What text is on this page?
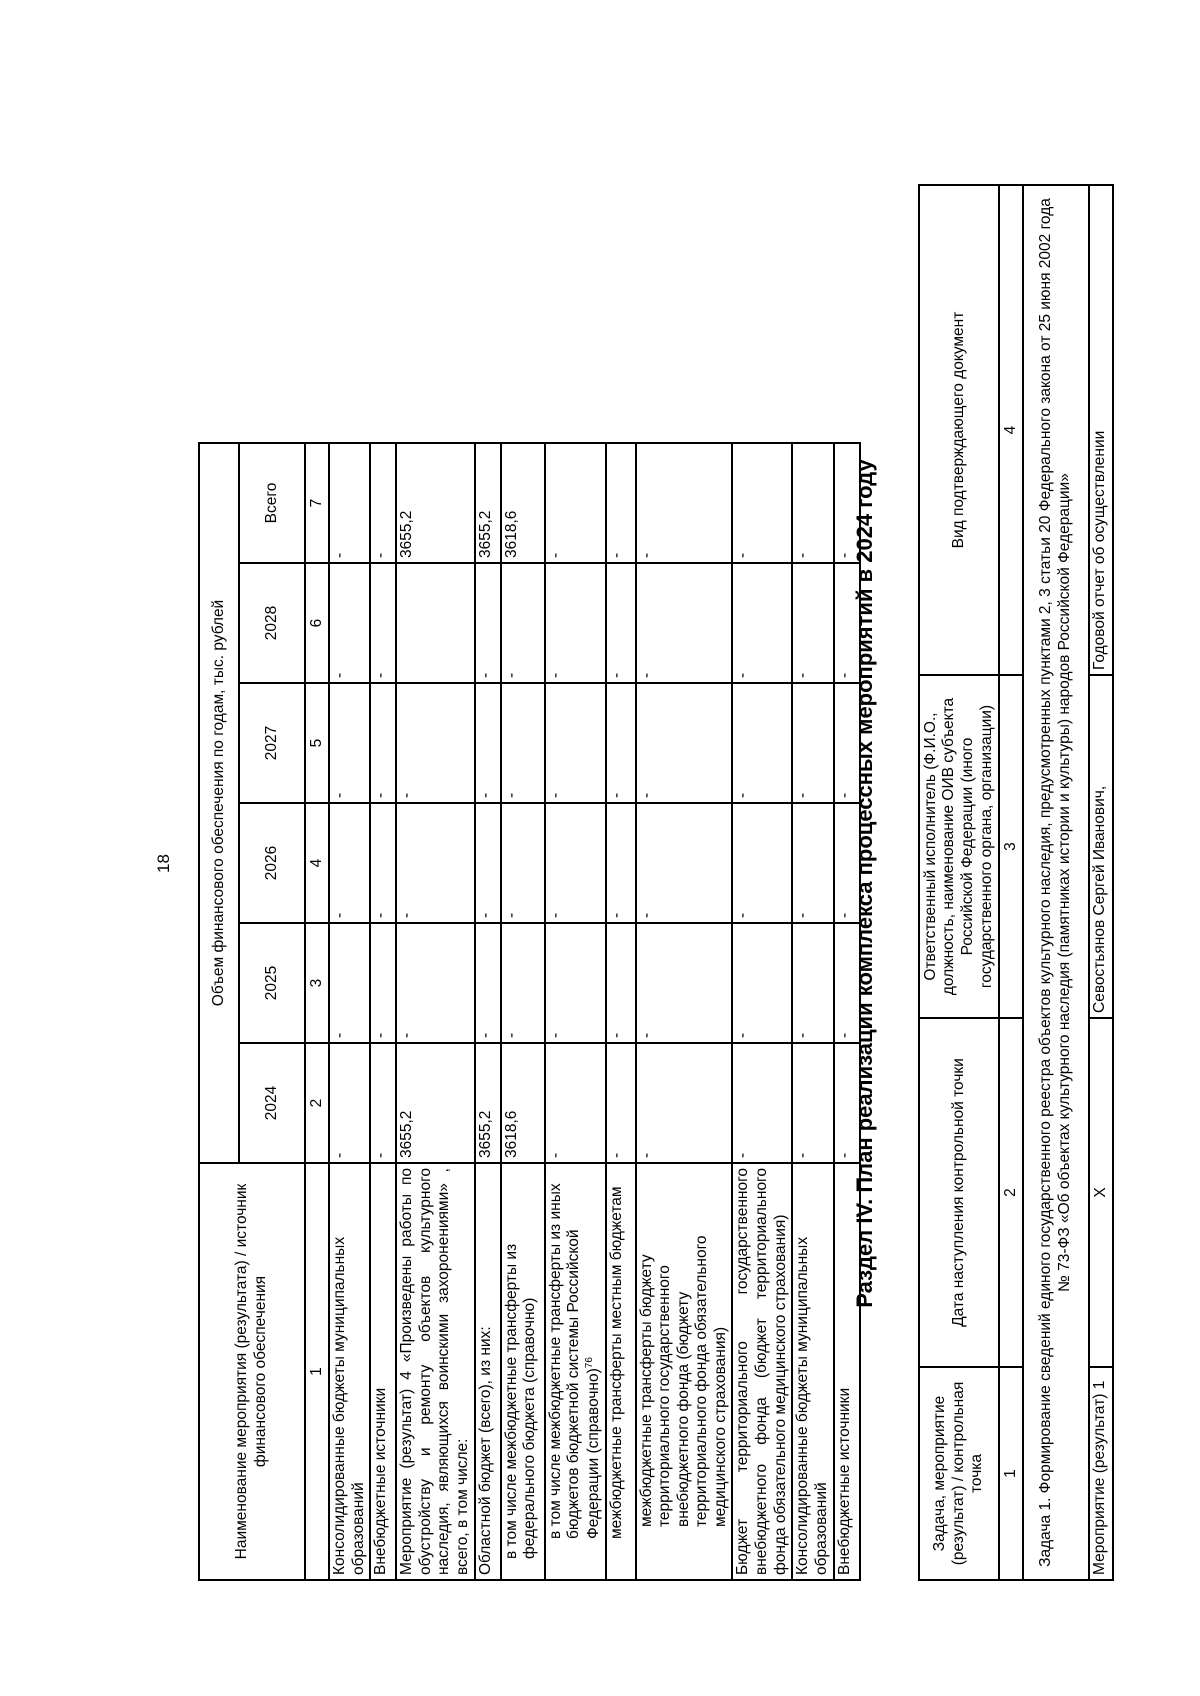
18
Наименование мероприятия (результата) / источник финансового обеспечения	Объем финансового обеспечения по годам, тыс. рублей					
	2024	2025	2026	2027	2028	Всего
1	2	3	4	5	6	7
Консолидированные бюджеты муниципальных образований	-	-	-	-	-	-
Внебюджетные источники	-	-	-	-	-	-
Мероприятие (результат) 4 «Произведены работы по обустройству и ремонту объектов культурного наследия, являющихся воинскими захоронениями» , всего, в том числе:	3655,2	-	-	-		3655,2
Областной бюджет (всего), из них:	3655,2	-	-	-	-	3655,2
в том числе межбюджетные трансферты из федерального бюджета (справочно)	3618,6	-	-	-	-	3618,6
в том числе межбюджетные трансферты из иных бюджетов бюджетной системы Российской Федерации (справочно)$^{76}$	-	-	-	-	-	-
межбюджетные трансферты местным бюджетам	-	-	-	-	-	-
межбюджетные трансферты бюджету территориального государственного внебюджетного фонда (бюджету территориального фонда обязательного медицинского страхования)	-	-	-	-	-	-
Бюджет территориального государственного внебюджетного фонда (бюджет территориального фонда обязательного медицинского страхования)	-	-	-	-	-	-
Консолидированные бюджеты муниципальных образований	-	-	-	-	-	-
Внебюджетные источники	-	-	-	-	-	- Раздел IV. План реализации комплекса процессных мероприятий в 2024 году
Задача, мероприятие (результат) / контрольная точка	Дата наступления контрольной точки	Ответственный исполнитель (Ф.И.О., должность, наименование ОИВ субъекта Российской Федерации (иного государственного органа, организации)	Вид подтверждающего документ
1	2	3	4
Задача 1. Формирование сведений единого государственного реестра объектов культурного наследия, предусмотренных пунктами 2, 3 статьи 20 Федерального закона от 25 июня 2002 года № 73-ФЗ «Об объектах культурного наследия (памятниках истории и культуры) народов Российской Федерации»			
Мероприятие (результат) 1	Х	Севостьянов Сергей Иванович,	Годовой отчет об осуществлении
